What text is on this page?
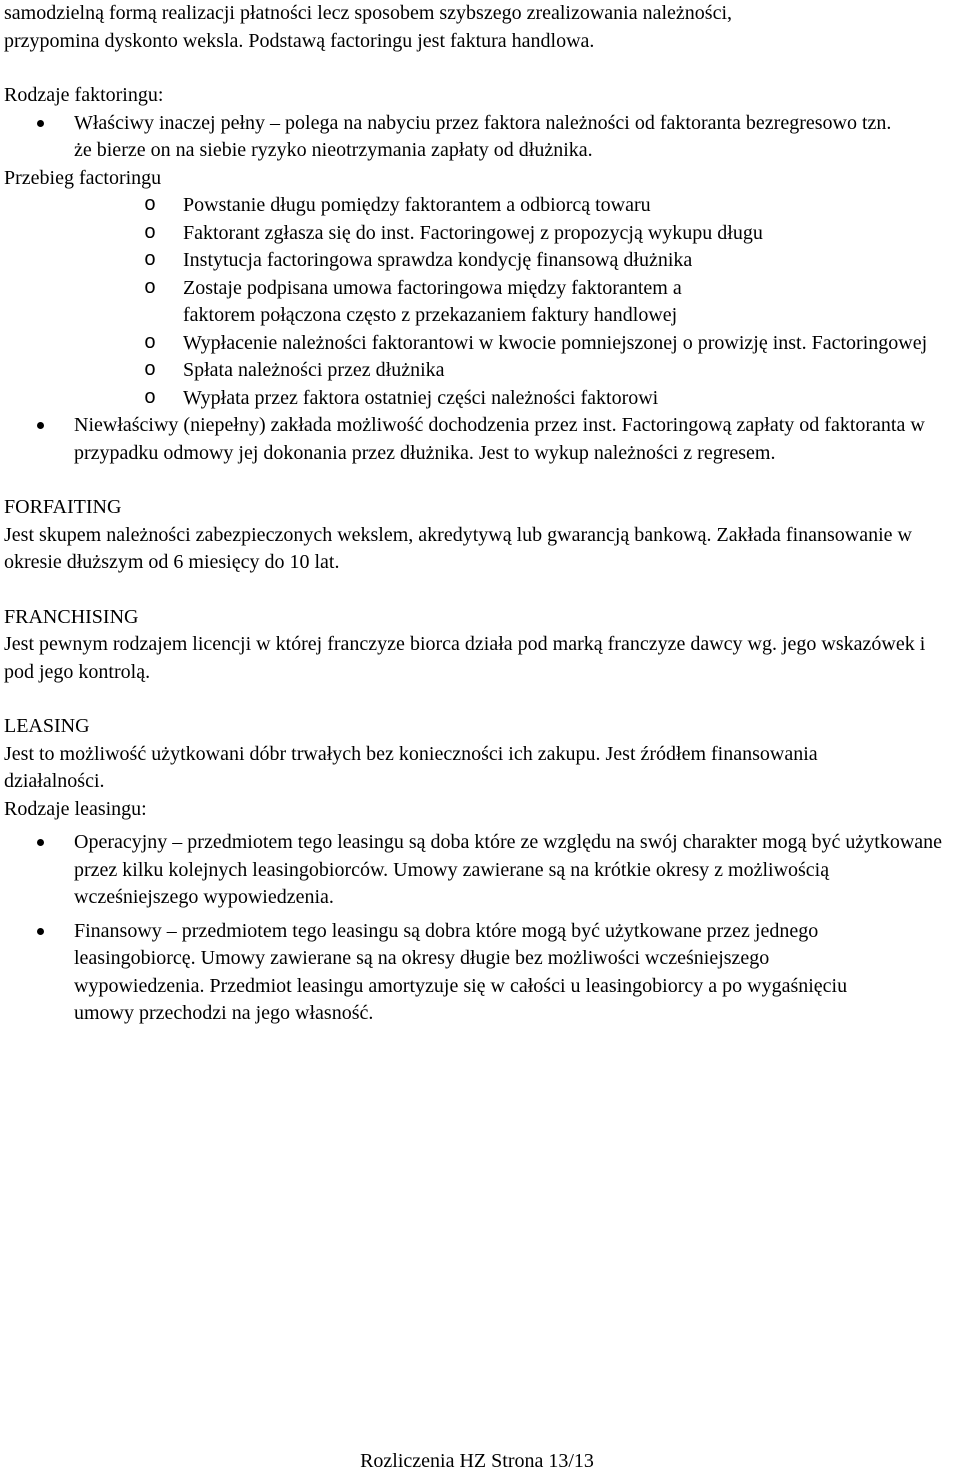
samodzielną formą realizacji płatności lecz sposobem szybszego zrealizowania należności,

przypomina dyskonto weksla. Podstawą factoringu jest faktura handlowa.

Rodzaje faktoringu:

Właściwy inaczej pełny – polega na nabyciu przez faktora należności od faktoranta bezregresowo tzn. że bierze on na siebie ryzyko nieotrzymania zapłaty od dłużnika.
Przebieg factoringu
o Powstanie długu pomiędzy faktorantem a odbiorcą towaru
o Faktorant zgłasza się do inst. Factoringowej z propozycją wykupu długu
o Instytucja factoringowa sprawdza kondycję finansową dłużnika
o Zostaje podpisana umowa factoringowa między faktorantem a faktorem połączona często z przekazaniem faktury handlowej
o Wypłacenie należności faktorantowi w kwocie pomniejszonej o prowizję inst. Factoringowej
o Spłata należności przez dłużnika
o Wypłata przez faktora ostatniej części należności faktorowi
Niewłaściwy (niepełny) zakłada możliwość dochodzenia przez inst. Factoringową zapłaty od faktoranta w przypadku odmowy jej dokonania przez dłużnika. Jest to wykup należności z regresem.

FORFAITING

Jest skupem należności zabezpieczonych wekslem, akredytywą lub gwarancją bankową. Zakłada finansowanie w okresie dłuższym od 6 miesięcy do 10 lat.

FRANCHISING

Jest pewnym rodzajem licencji w której franczyze biorca działa pod marką franczyze dawcy wg. jego wskazówek i pod jego kontrolą.

LEASING

Jest to możliwość użytkowani dóbr trwałych bez konieczności ich zakupu. Jest źródłem finansowania działalności.

Rodzaje leasingu:

Operacyjny – przedmiotem tego leasingu są doba które ze względu na swój charakter mogą być użytkowane przez kilku kolejnych leasingobiorców. Umowy zawierane są na krótkie okresy z możliwością wcześniejszego wypowiedzenia.
Finansowy – przedmiotem tego leasingu są dobra które mogą być użytkowane przez jednego leasingobiorcę. Umowy zawierane są na okresy długie bez możliwości wcześniejszego wypowiedzenia. Przedmiot leasingu amortyzuje się w całości u leasingobiorcy a po wygaśnięciu umowy przechodzi na jego własność.
Rozliczenia HZ Strona 13/13
